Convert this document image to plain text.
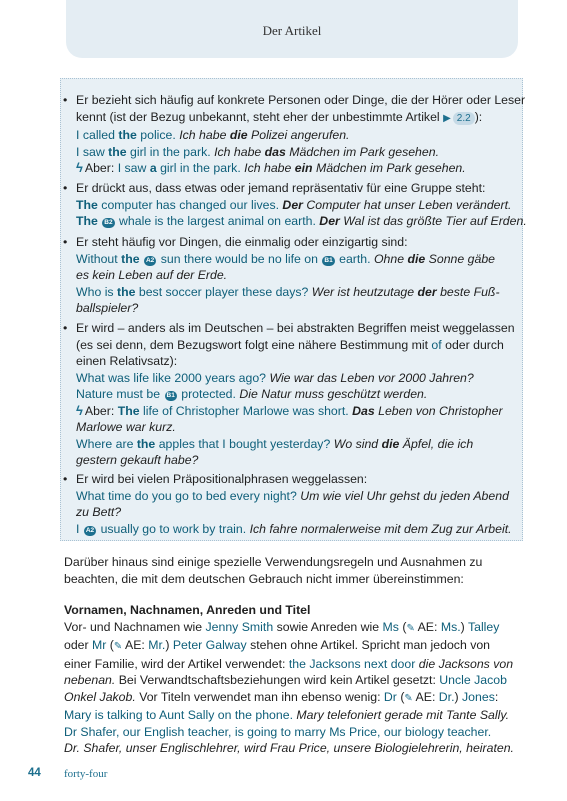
Der Artikel
• Er bezieht sich häufig auf konkrete Personen oder Dinge, die der Hörer oder Leser
kennt (ist der Bezug unbekannt, steht eher der unbestimmte Artikel ▶ 2.2 ):
I called the police. Ich habe die Polizei angerufen.
I saw the girl in the park. Ich habe das Mädchen im Park gesehen.
ϟ Aber: I saw a girl in the park. Ich habe ein Mädchen im Park gesehen.
• Er drückt aus, dass etwas oder jemand repräsentativ für eine Gruppe steht:
The computer has changed our lives. Der Computer hat unser Leben verändert.
The B2 whale is the largest animal on earth. Der Wal ist das größte Tier auf Erden.
• Er steht häufig vor Dingen, die einmalig oder einzigartig sind:
Without the A2 sun there would be no life on B1 earth. Ohne die Sonne gäbe
es kein Leben auf der Erde.
Who is the best soccer player these days? Wer ist heutzutage der beste Fuß-
ballspieler?
• Er wird – anders als im Deutschen – bei abstrakten Begriffen meist weggelassen
(es sei denn, dem Bezugswort folgt eine nähere Bestimmung mit of oder durch
einen Relativsatz):
What was life like 2000 years ago? Wie war das Leben vor 2000 Jahren?
Nature must be B1 protected. Die Natur muss geschützt werden.
ϟ Aber: The life of Christopher Marlowe was short. Das Leben von Christopher
Marlowe war kurz.
Where are the apples that I bought yesterday? Wo sind die Äpfel, die ich
gestern gekauft habe?
• Er wird bei vielen Präpositionalphrasen weggelassen:
What time do you go to bed every night? Um wie viel Uhr gehst du jeden Abend
zu Bett?
I A2 usually go to work by train. Ich fahre normalerweise mit dem Zug zur Arbeit.
Darüber hinaus sind einige spezielle Verwendungsregeln und Ausnahmen zu
beachten, die mit dem deutschen Gebrauch nicht immer übereinstimmen:
Vornamen, Nachnamen, Anreden und Titel
Vor- und Nachnamen wie Jenny Smith sowie Anreden wie Ms (✎ AE: Ms.) Talley
oder Mr (✎ AE: Mr.) Peter Galway stehen ohne Artikel. Spricht man jedoch von
einer Familie, wird der Artikel verwendet: the Jacksons next door die Jacksons von
nebenan. Bei Verwandtschaftsbeziehungen wird kein Artikel gesetzt: Uncle Jacob
Onkel Jakob. Vor Titeln verwendet man ihn ebenso wenig: Dr (✎ AE: Dr.) Jones:
Mary is talking to Aunt Sally on the phone. Mary telefoniert gerade mit Tante Sally.
Dr Shafer, our English teacher, is going to marry Ms Price, our biology teacher.
Dr. Shafer, unser Englischlehrer, wird Frau Price, unsere Biologielehrerin, heiraten.
44 forty-four
